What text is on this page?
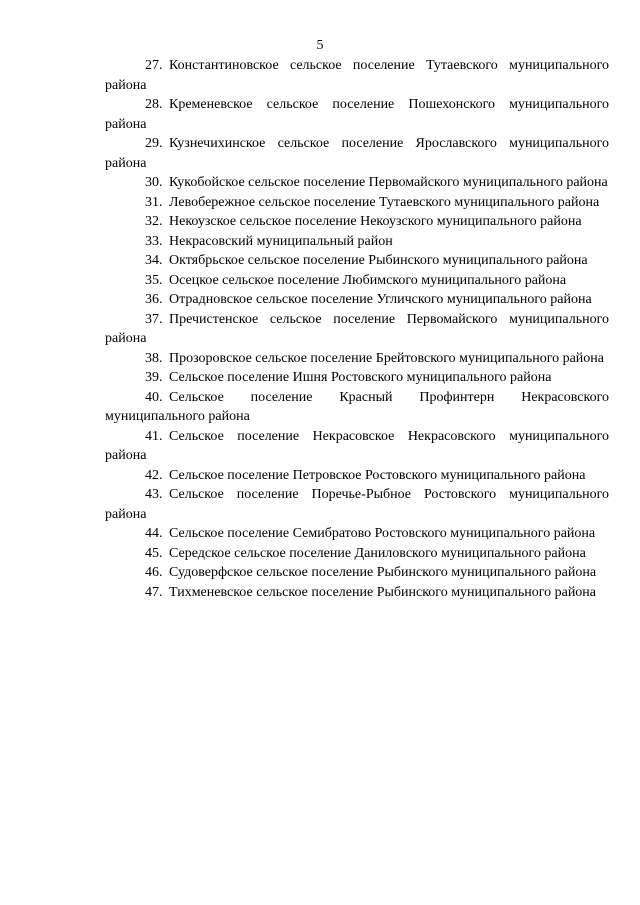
5

27. Константиновское сельское поселение Тутаевского муниципального района

28. Кременевское сельское поселение Пошехонского муниципального района

29. Кузнечихинское сельское поселение Ярославского муниципального района

30. Кукобойское сельское поселение Первомайского муниципального района

31. Левобережное сельское поселение Тутаевского муниципального района

32. Некоузское сельское поселение Некоузского муниципального района

33. Некрасовский муниципальный район

34. Октябрьское сельское поселение Рыбинского муниципального района

35. Осецкое сельское поселение Любимского муниципального района

36. Отрадновское сельское поселение Угличского муниципального района

37. Пречистенское сельское поселение Первомайского муниципального района

38. Прозоровское сельское поселение Брейтовского муниципального района

39. Сельское поселение Ишня Ростовского муниципального района

40. Сельское поселение Красный Профинтерн Некрасовского муниципального района

41. Сельское поселение Некрасовское Некрасовского муниципального района

42. Сельское поселение Петровское Ростовского муниципального района

43. Сельское поселение Поречье-Рыбное Ростовского муниципального района

44. Сельское поселение Семибратово Ростовского муниципального района

45. Середское сельское поселение Даниловского муниципального района

46. Судоверфское сельское поселение Рыбинского муниципального района

47. Тихменевское сельское поселение Рыбинского муниципального района
